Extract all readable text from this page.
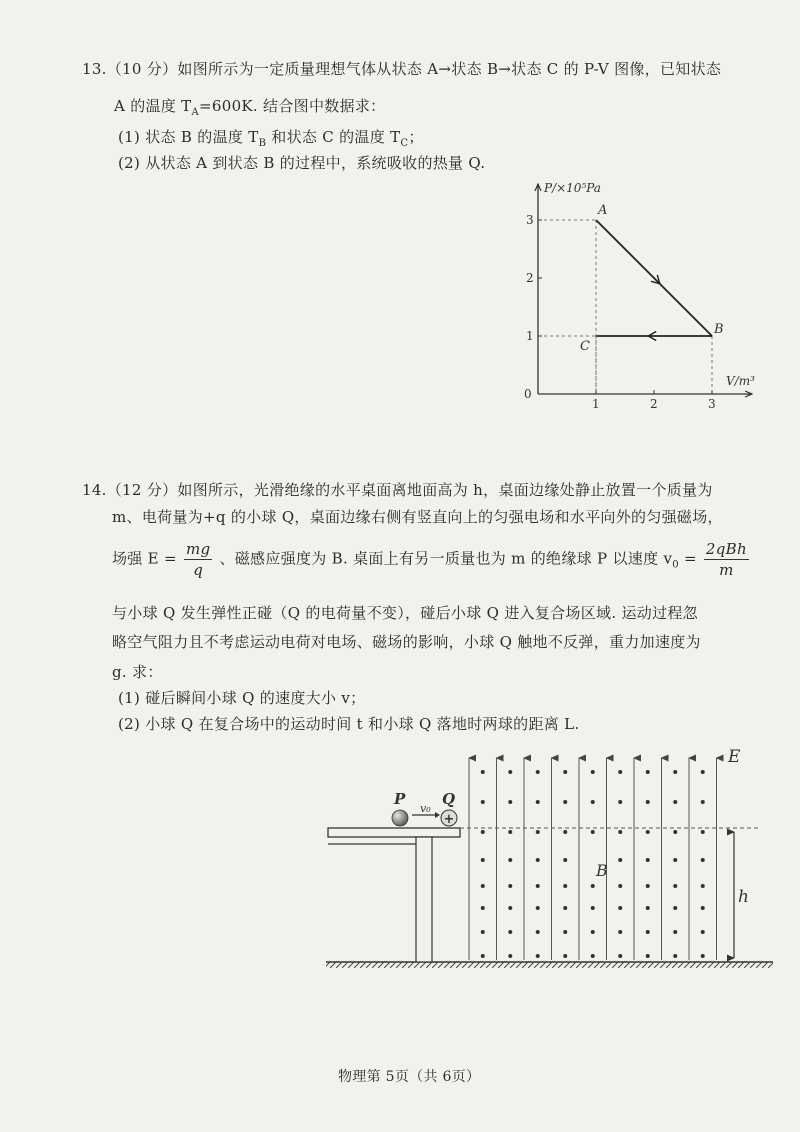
13.（10 分）如图所示为一定质量理想气体从状态 A→状态 B→状态 C 的 P-V 图像，已知状态
A 的温度 $T_A=600K$. 结合图中数据求：
(1) 状态 B 的温度 $T_B$ 和状态 C 的温度 $T_C$；
(2) 从状态 A 到状态 B 的过程中，系统吸收的热量 Q.
P/×10⁵Pa
V/m³
0
1
2
3
1	2	3
A
B
C
14.（12 分）如图所示，光滑绝缘的水平桌面离地面高为 h，桌面边缘处静止放置一个质量为
m、电荷量为+q 的小球 Q，桌面边缘右侧有竖直向上的匀强电场和水平向外的匀强磁场，
场强 $E = \frac{mg}{q}$ 、磁感应强度为 B. 桌面上有另一质量也为 m 的绝缘球 P 以速度 $v_0 = \frac{\text{2qBh}}{m}$
与小球 Q 发生弹性正碰（Q 的电荷量不变），碰后小球 Q 进入复合场区域. 运动过程忽
略空气阻力且不考虑运动电荷对电场、磁场的影响，小球 Q 触地不反弹，重力加速度为
g. 求：
(1) 碰后瞬间小球 Q 的速度大小 v；
(2) 小球 Q 在复合场中的运动时间 t 和小球 Q 落地时两球的距离 L.
+
P Q
v₀
E
B
h
物理第 5页（共 6页）
